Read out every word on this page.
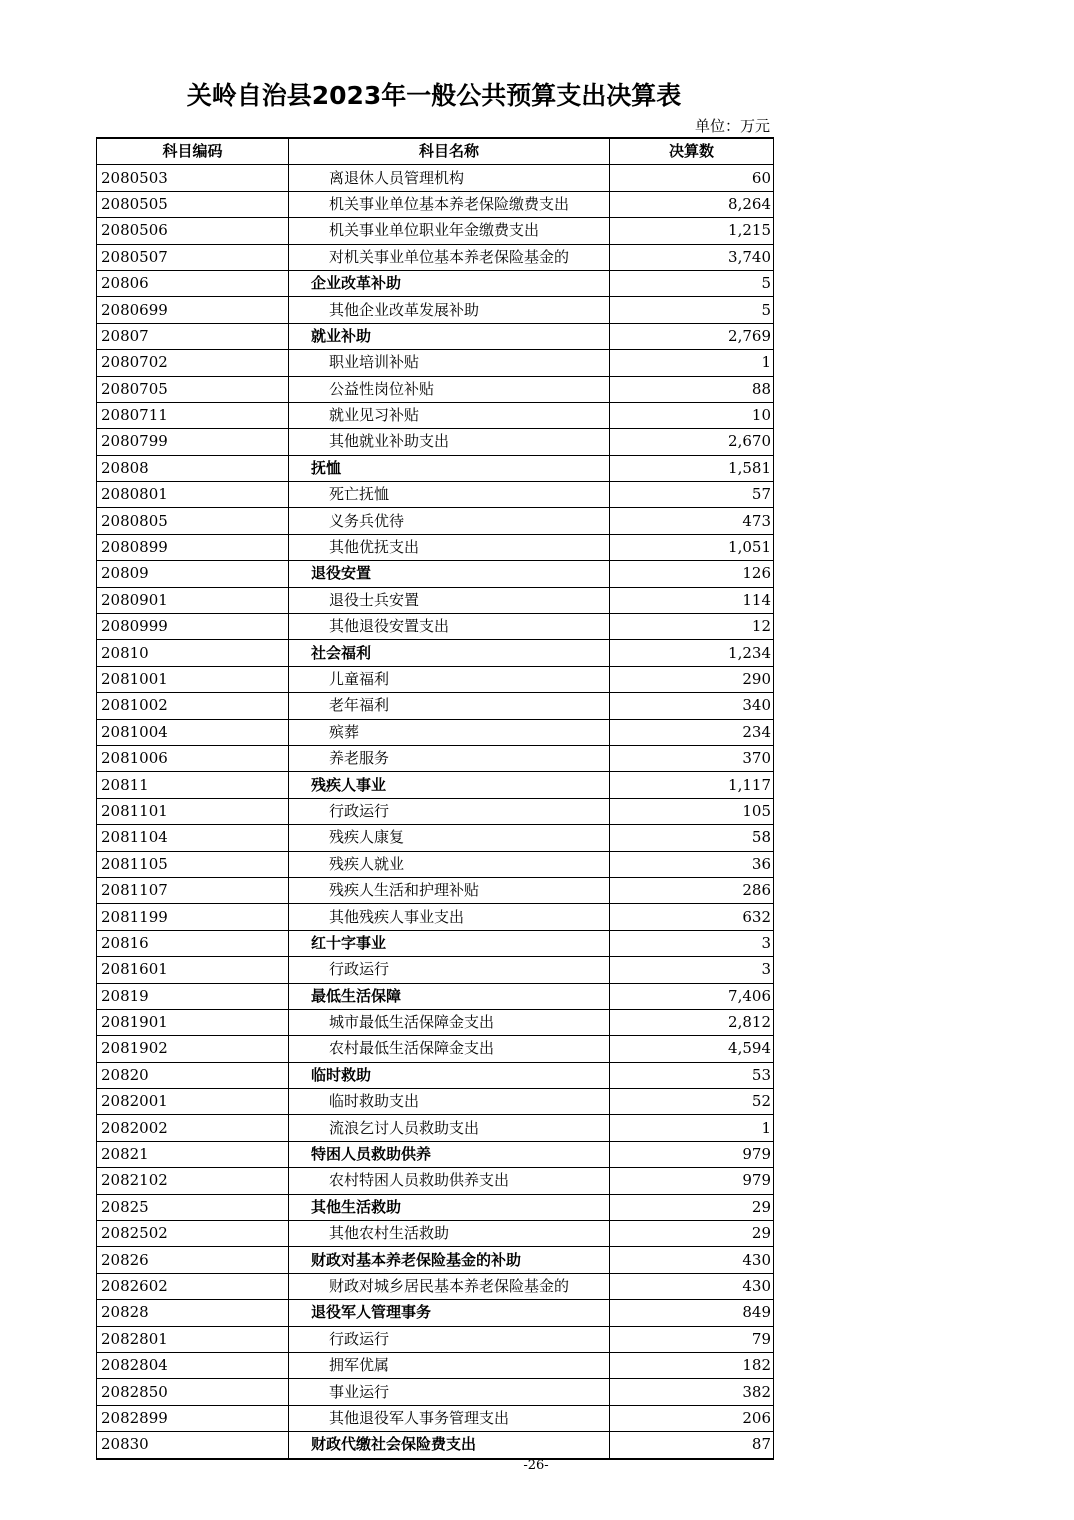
关岭自治县2023年一般公共预算支出决算表
单位：万元
科目编码	科目名称	决算数
2080503	离退休人员管理机构	60
2080505	机关事业单位基本养老保险缴费支出	8,264
2080506	机关事业单位职业年金缴费支出	1,215
2080507	对机关事业单位基本养老保险基金的	3,740
20806	企业改革补助	5
2080699	其他企业改革发展补助	5
20807	就业补助	2,769
2080702	职业培训补贴	1
2080705	公益性岗位补贴	88
2080711	就业见习补贴	10
2080799	其他就业补助支出	2,670
20808	抚恤	1,581
2080801	死亡抚恤	57
2080805	义务兵优待	473
2080899	其他优抚支出	1,051
20809	退役安置	126
2080901	退役士兵安置	114
2080999	其他退役安置支出	12
20810	社会福利	1,234
2081001	儿童福利	290
2081002	老年福利	340
2081004	殡葬	234
2081006	养老服务	370
20811	残疾人事业	1,117
2081101	行政运行	105
2081104	残疾人康复	58
2081105	残疾人就业	36
2081107	残疾人生活和护理补贴	286
2081199	其他残疾人事业支出	632
20816	红十字事业	3
2081601	行政运行	3
20819	最低生活保障	7,406
2081901	城市最低生活保障金支出	2,812
2081902	农村最低生活保障金支出	4,594
20820	临时救助	53
2082001	临时救助支出	52
2082002	流浪乞讨人员救助支出	1
20821	特困人员救助供养	979
2082102	农村特困人员救助供养支出	979
20825	其他生活救助	29
2082502	其他农村生活救助	29
20826	财政对基本养老保险基金的补助	430
2082602	财政对城乡居民基本养老保险基金的	430
20828	退役军人管理事务	849
2082801	行政运行	79
2082804	拥军优属	182
2082850	事业运行	382
2082899	其他退役军人事务管理支出	206
20830	财政代缴社会保险费支出	87
-26-
